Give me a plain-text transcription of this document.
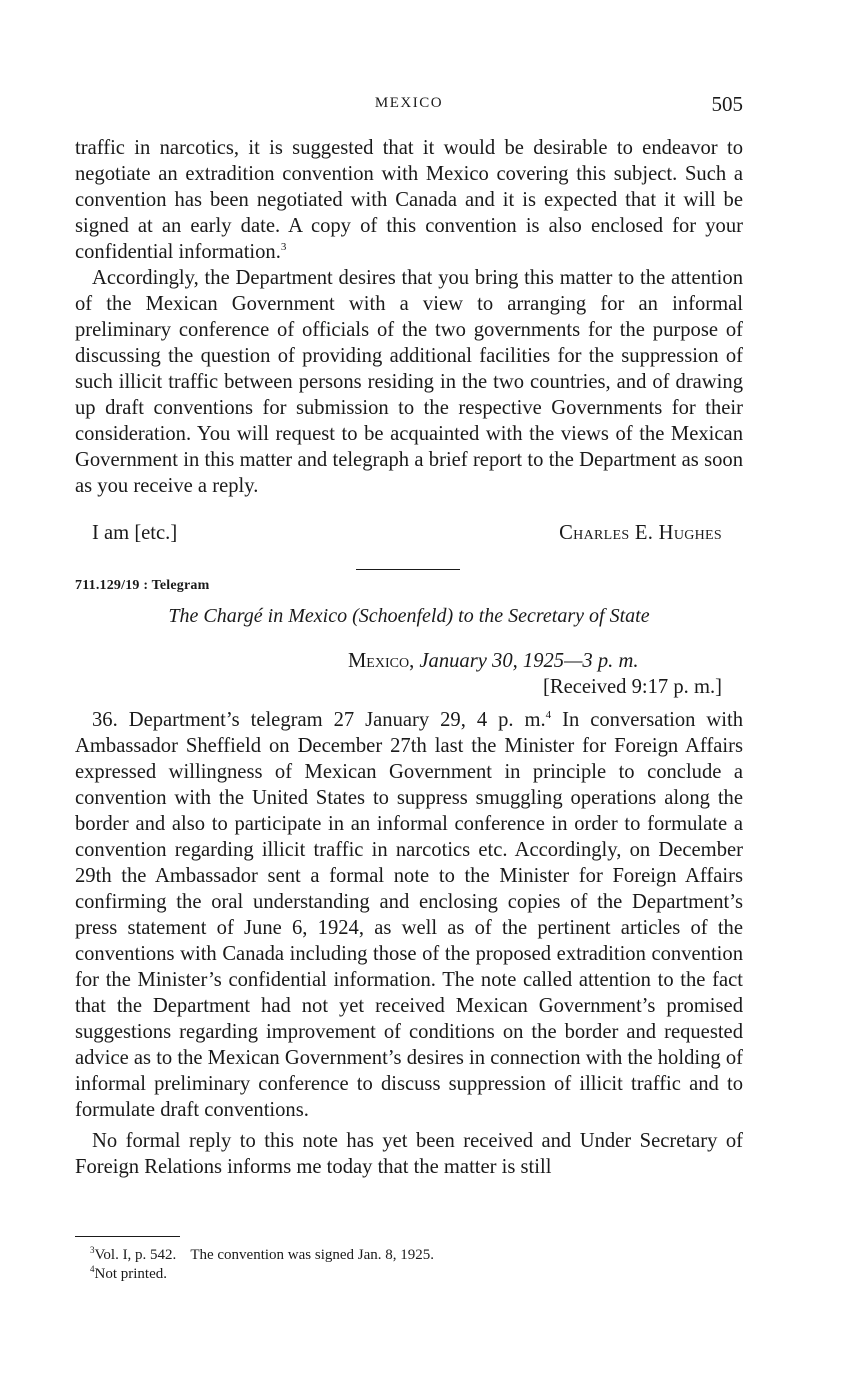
MEXICO	505

traffic in narcotics, it is suggested that it would be desirable to endeavor to negotiate an extradition convention with Mexico covering this subject. Such a convention has been negotiated with Canada and it is expected that it will be signed at an early date. A copy of this convention is also enclosed for your confidential information.$^3$

Accordingly, the Department desires that you bring this matter to the attention of the Mexican Government with a view to arranging for an informal preliminary conference of officials of the two governments for the purpose of discussing the question of providing additional facilities for the suppression of such illicit traffic between persons residing in the two countries, and of drawing up draft conventions for submission to the respective Governments for their consideration. You will request to be acquainted with the views of the Mexican Government in this matter and telegraph a brief report to the Department as soon as you receive a reply.

I am [etc.]	Charles E. Hughes
711.129/19 : Telegram
The Chargé in Mexico (Schoenfeld) to the Secretary of State
Mexico, January 30, 1925—3 p. m.
[Received 9:17 p. m.]

36. Department’s telegram 27 January 29, 4 p. m.$^4$ In conversation with Ambassador Sheffield on December 27th last the Minister for Foreign Affairs expressed willingness of Mexican Government in principle to conclude a convention with the United States to suppress smuggling operations along the border and also to participate in an informal conference in order to formulate a convention regarding illicit traffic in narcotics etc. Accordingly, on December 29th the Ambassador sent a formal note to the Minister for Foreign Affairs confirming the oral understanding and enclosing copies of the Department’s press statement of June 6, 1924, as well as of the pertinent articles of the conventions with Canada including those of the proposed extradition convention for the Minister’s confidential information. The note called attention to the fact that the Department had not yet received Mexican Government’s promised suggestions regarding improvement of conditions on the border and requested advice as to the Mexican Government’s desires in connection with the holding of informal preliminary conference to discuss suppression of illicit traffic and to formulate draft conventions.

No formal reply to this note has yet been received and Under Secretary of Foreign Relations informs me today that the matter is still

$^3$Vol. I, p. 542. The convention was signed Jan. 8, 1925.
$^4$Not printed.
